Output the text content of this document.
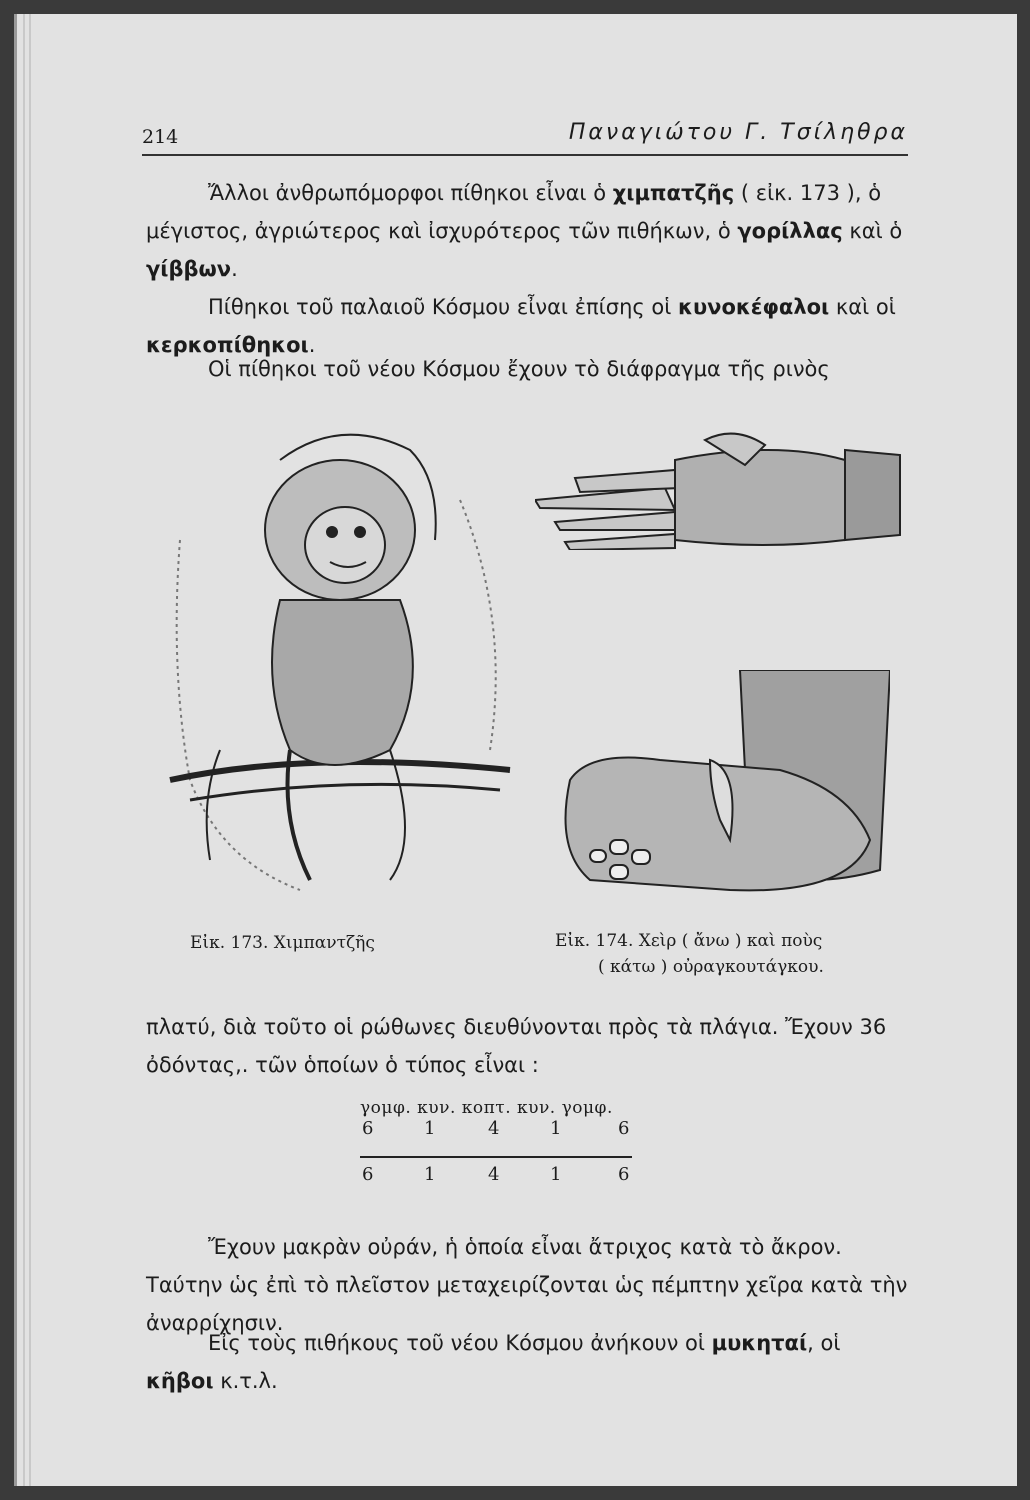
214	Παναγιώτου Γ. Τσίληθρα
Ἄλλοι ἀνθρωπόμορφοι πίθηκοι εἶναι ὁ χιμπατζῆς ( εἰκ. 173 ), ὁ μέγιστος, ἀγριώτερος καὶ ἰσχυρότερος τῶν πιθήκων, ὁ γορίλλας καὶ ὁ γίββων.
Πίθηκοι τοῦ παλαιοῦ Κόσμου εἶναι ἐπίσης οἱ κυνοκέφαλοι καὶ οἱ κερκοπίθηκοι.
Οἱ πίθηκοι τοῦ νέου Κόσμου ἔχουν τὸ διάφραγμα τῆς ρινὸς
Εἰκ. 173. Χιμπαντζῆς	Εἰκ. 174. Χεὶρ ( ἄνω ) καὶ ποὺς
( κάτω ) οὐραγκουτάγκου.
πλατύ, διὰ τοῦτο οἱ ρώθωνες διευθύνονται πρὸς τὰ πλάγια. Ἔχουν 36 ὀδόντας,. τῶν ὁποίων ὁ τύπος εἶναι :
γομφ. κυν. κοπτ. κυν. γομφ.
6	1	4	1	6
6	1	4	1	6
Ἔχουν μακρὰν οὐράν, ἡ ὁποία εἶναι ἄτριχος κατὰ τὸ ἄκρον. Ταύτην ὡς ἐπὶ τὸ πλεῖστον μεταχειρίζονται ὡς πέμπτην χεῖρα κατὰ τὴν ἀναρρίχησιν.
Εἰς τοὺς πιθήκους τοῦ νέου Κόσμου ἀνήκουν οἱ μυκηταί, οἱ κῆβοι κ.τ.λ.
